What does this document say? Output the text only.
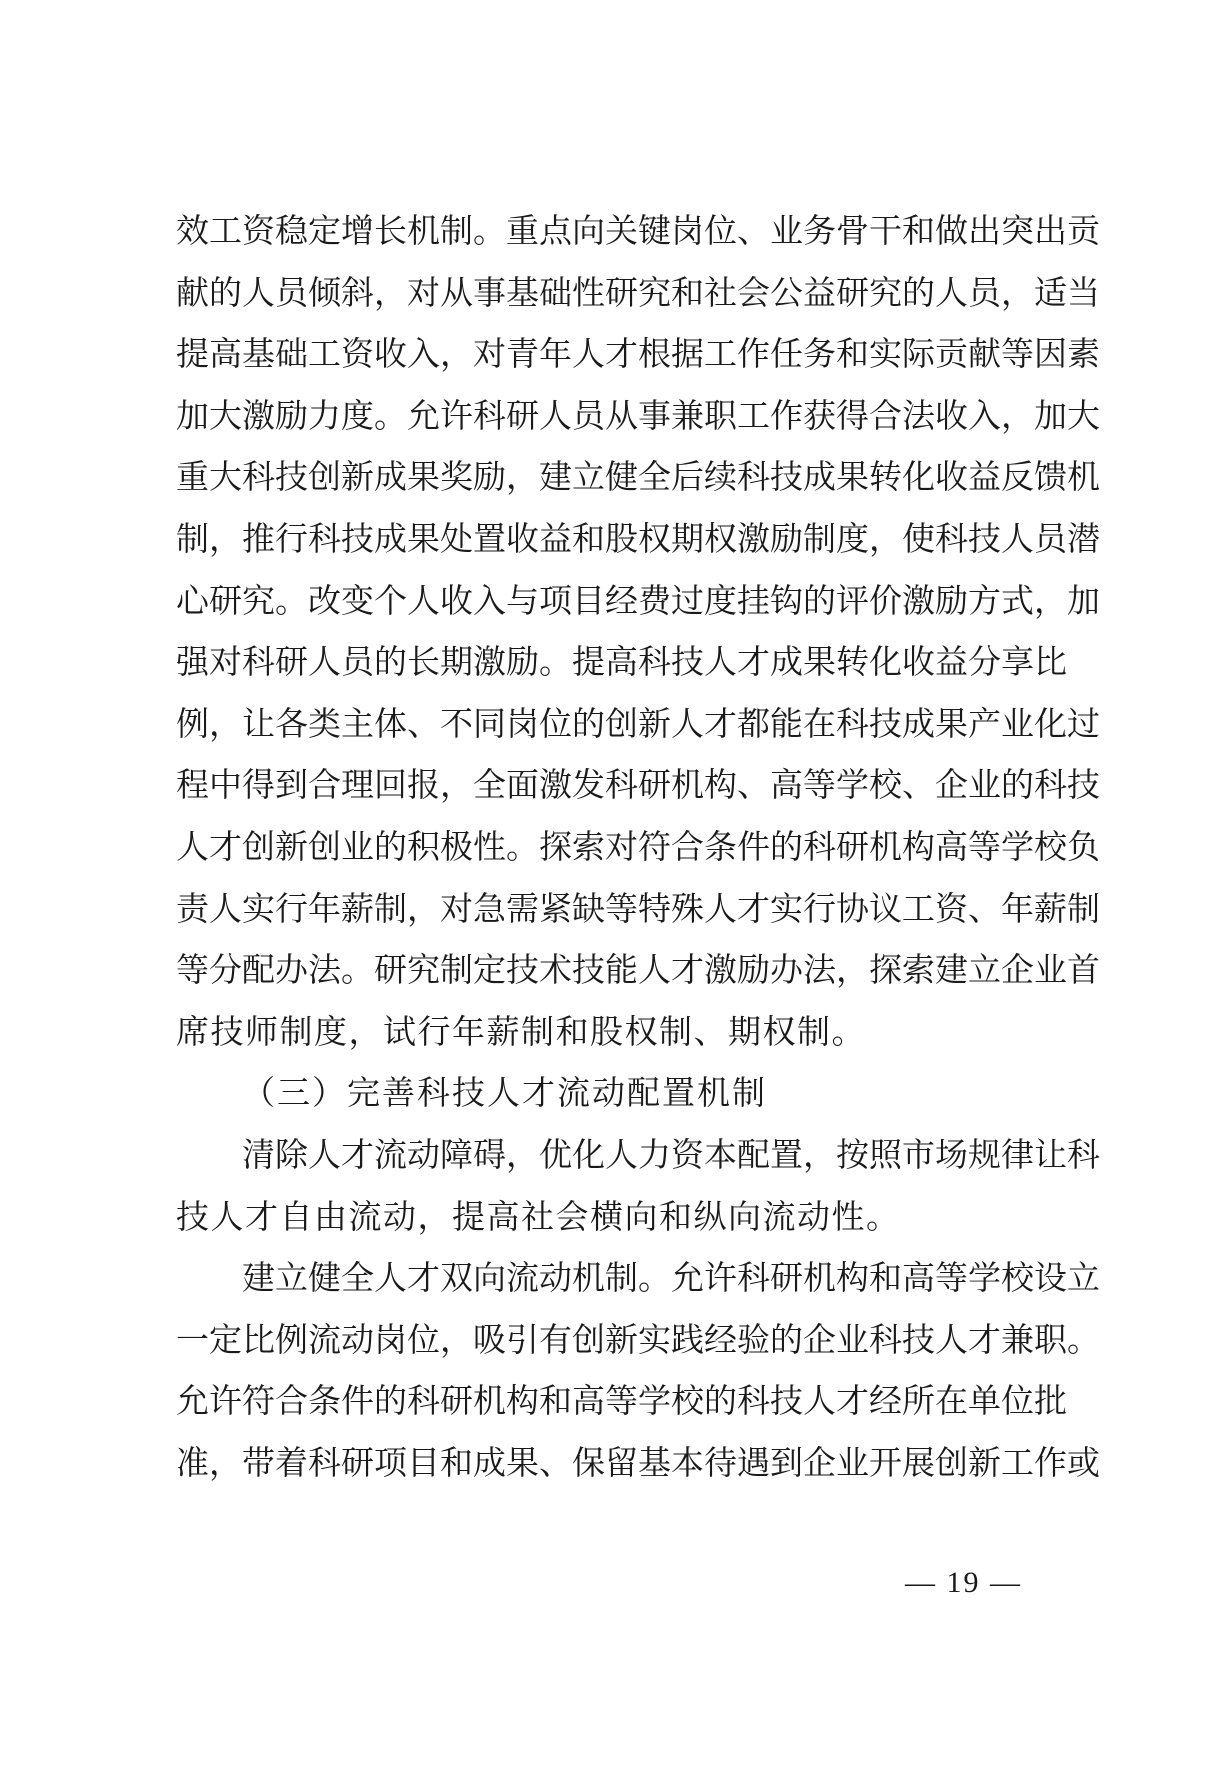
效工资稳定增长机制。重点向关键岗位、业务骨干和做出突出贡
献的人员倾斜，对从事基础性研究和社会公益研究的人员，适当
提高基础工资收入，对青年人才根据工作任务和实际贡献等因素
加大激励力度。允许科研人员从事兼职工作获得合法收入，加大
重大科技创新成果奖励，建立健全后续科技成果转化收益反馈机
制，推行科技成果处置收益和股权期权激励制度，使科技人员潜
心研究。改变个人收入与项目经费过度挂钩的评价激励方式，加
强对科研人员的长期激励。提高科技人才成果转化收益分享比
例，让各类主体、不同岗位的创新人才都能在科技成果产业化过
程中得到合理回报，全面激发科研机构、高等学校、企业的科技
人才创新创业的积极性。探索对符合条件的科研机构高等学校负
责人实行年薪制，对急需紧缺等特殊人才实行协议工资、年薪制
等分配办法。研究制定技术技能人才激励办法，探索建立企业首
席技师制度，试行年薪制和股权制、期权制。
（三）完善科技人才流动配置机制
清除人才流动障碍，优化人力资本配置，按照市场规律让科
技人才自由流动，提高社会横向和纵向流动性。
建立健全人才双向流动机制。允许科研机构和高等学校设立
一定比例流动岗位，吸引有创新实践经验的企业科技人才兼职。
允许符合条件的科研机构和高等学校的科技人才经所在单位批
准，带着科研项目和成果、保留基本待遇到企业开展创新工作或
— 19 —
